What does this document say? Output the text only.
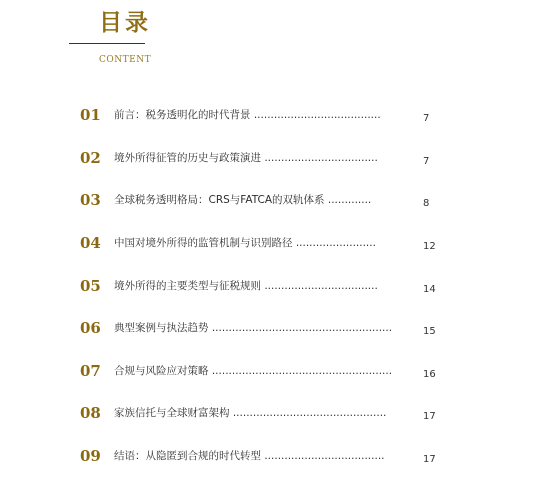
目录
CONTENT
01 前言：税务透明化的时代背景 ......................................	7
02 境外所得征管的历史与政策演进 ..................................	7
03 全球税务透明格局：CRS与FATCA的双轨体系 .............	8
04 中国对境外所得的监管机制与识别路径 ........................	12
05 境外所得的主要类型与征税规则 ..................................	14
06 典型案例与执法趋势 ......................................................	15
07 合规与风险应对策略 ......................................................	16
08 家族信托与全球财富架构 ..............................................	17
09 结语：从隐匿到合规的时代转型 ....................................	17
